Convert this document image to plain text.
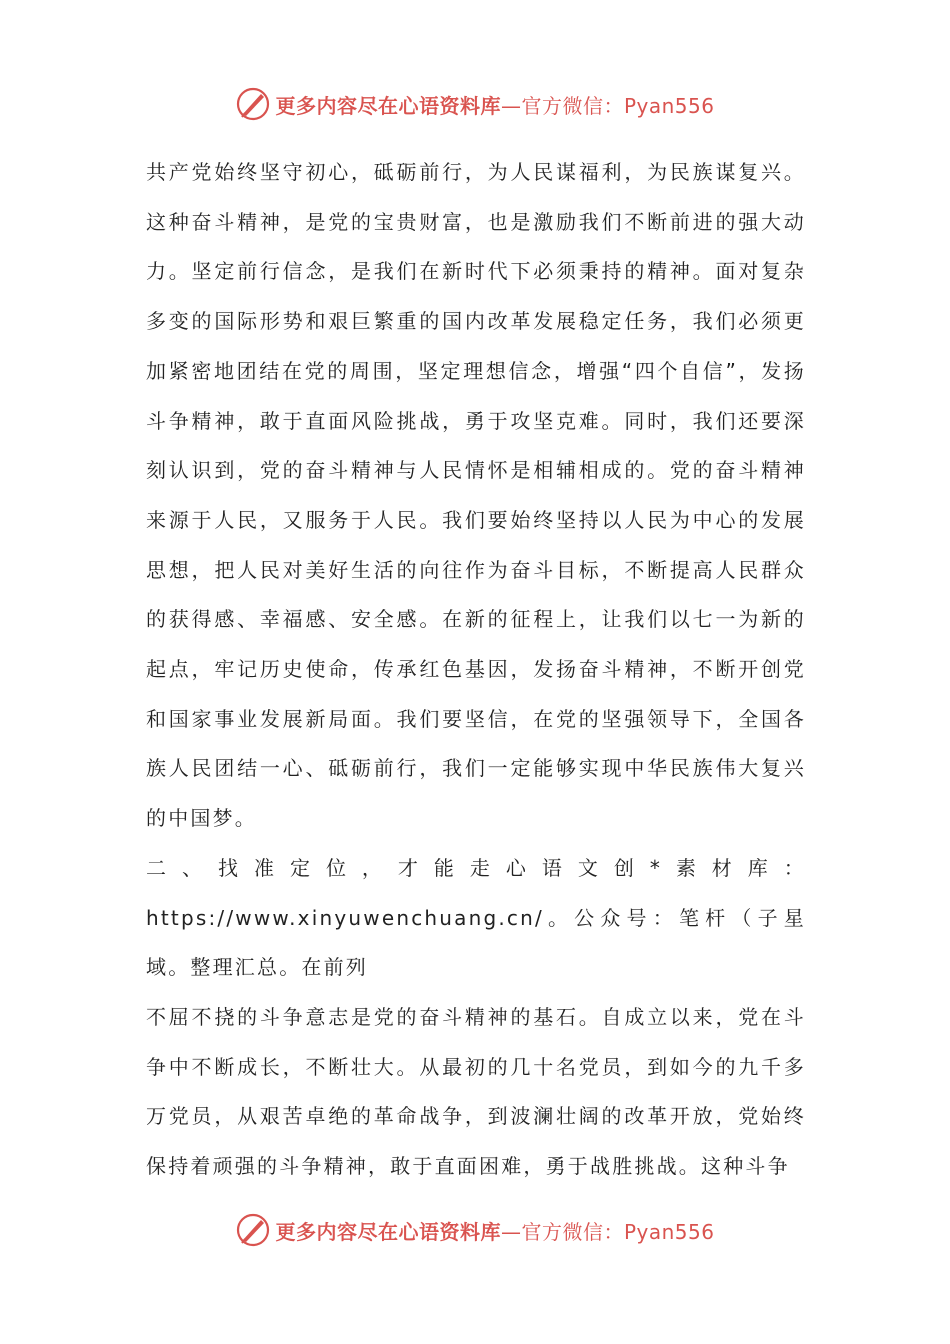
更多内容尽在心语资料库 —官方微信：Pyan556

共产党始终坚守初心，砥砺前行，为人民谋福利，为民族谋复兴。这种奋斗精神，是党的宝贵财富，也是激励我们不断前进的强大动力。坚定前行信念，是我们在新时代下必须秉持的精神。面对复杂多变的国际形势和艰巨繁重的国内改革发展稳定任务，我们必须更加紧密地团结在党的周围，坚定理想信念，增强“四个自信”，发扬斗争精神，敢于直面风险挑战，勇于攻坚克难。同时，我们还要深刻认识到，党的奋斗精神与人民情怀是相辅相成的。党的奋斗精神来源于人民，又服务于人民。我们要始终坚持以人民为中心的发展思想，把人民对美好生活的向往作为奋斗目标，不断提高人民群众的获得感、幸福感、安全感。在新的征程上，让我们以七一为新的起点，牢记历史使命，传承红色基因，发扬奋斗精神，不断开创党和国家事业发展新局面。我们要坚信，在党的坚强领导下，全国各族人民团结一心、砥砺前行，我们一定能够实现中华民族伟大复兴的中国梦。

二、找准定位，才能走心语文创*素材库：https://www.xinyuwenchuang.cn/。公众号：笔杆（子星域。整理汇总。在前列

不屈不挠的斗争意志是党的奋斗精神的基石。自成立以来，党在斗争中不断成长，不断壮大。从最初的几十名党员，到如今的九千多万党员，从艰苦卓绝的革命战争，到波澜壮阔的改革开放，党始终保持着顽强的斗争精神，敢于直面困难，勇于战胜挑战。这种斗争

更多内容尽在心语资料库 —官方微信：Pyan556
